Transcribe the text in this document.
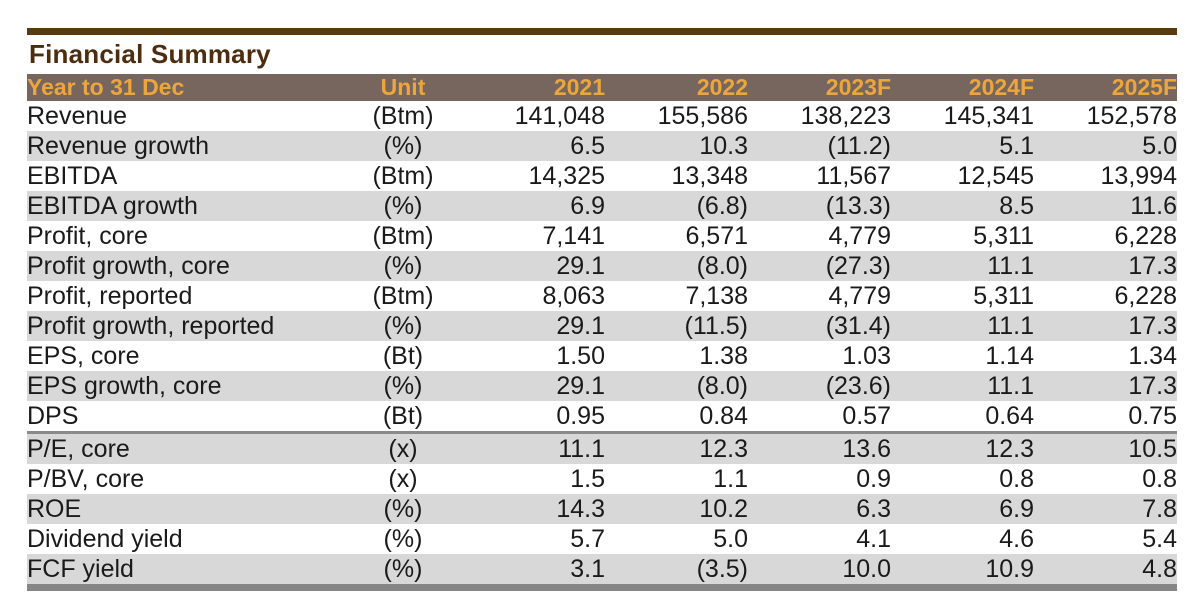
Financial Summary
Year to 31 Dec	Unit	2021	2022	2023F	2024F	2025F
Revenue	(Btm)	141,048	155,586	138,223	145,341	152,578
Revenue growth	(%)	6.5	10.3	(11.2)	5.1	5.0
EBITDA	(Btm)	14,325	13,348	11,567	12,545	13,994
EBITDA growth	(%)	6.9	(6.8)	(13.3)	8.5	11.6
Profit, core	(Btm)	7,141	6,571	4,779	5,311	6,228
Profit growth, core	(%)	29.1	(8.0)	(27.3)	11.1	17.3
Profit, reported	(Btm)	8,063	7,138	4,779	5,311	6,228
Profit growth, reported	(%)	29.1	(11.5)	(31.4)	11.1	17.3
EPS, core	(Bt)	1.50	1.38	1.03	1.14	1.34
EPS growth, core	(%)	29.1	(8.0)	(23.6)	11.1	17.3
DPS	(Bt)	0.95	0.84	0.57	0.64	0.75
P/E, core	(x)	11.1	12.3	13.6	12.3	10.5
P/BV, core	(x)	1.5	1.1	0.9	0.8	0.8
ROE	(%)	14.3	10.2	6.3	6.9	7.8
Dividend yield	(%)	5.7	5.0	4.1	4.6	5.4
FCF yield	(%)	3.1	(3.5)	10.0	10.9	4.8
